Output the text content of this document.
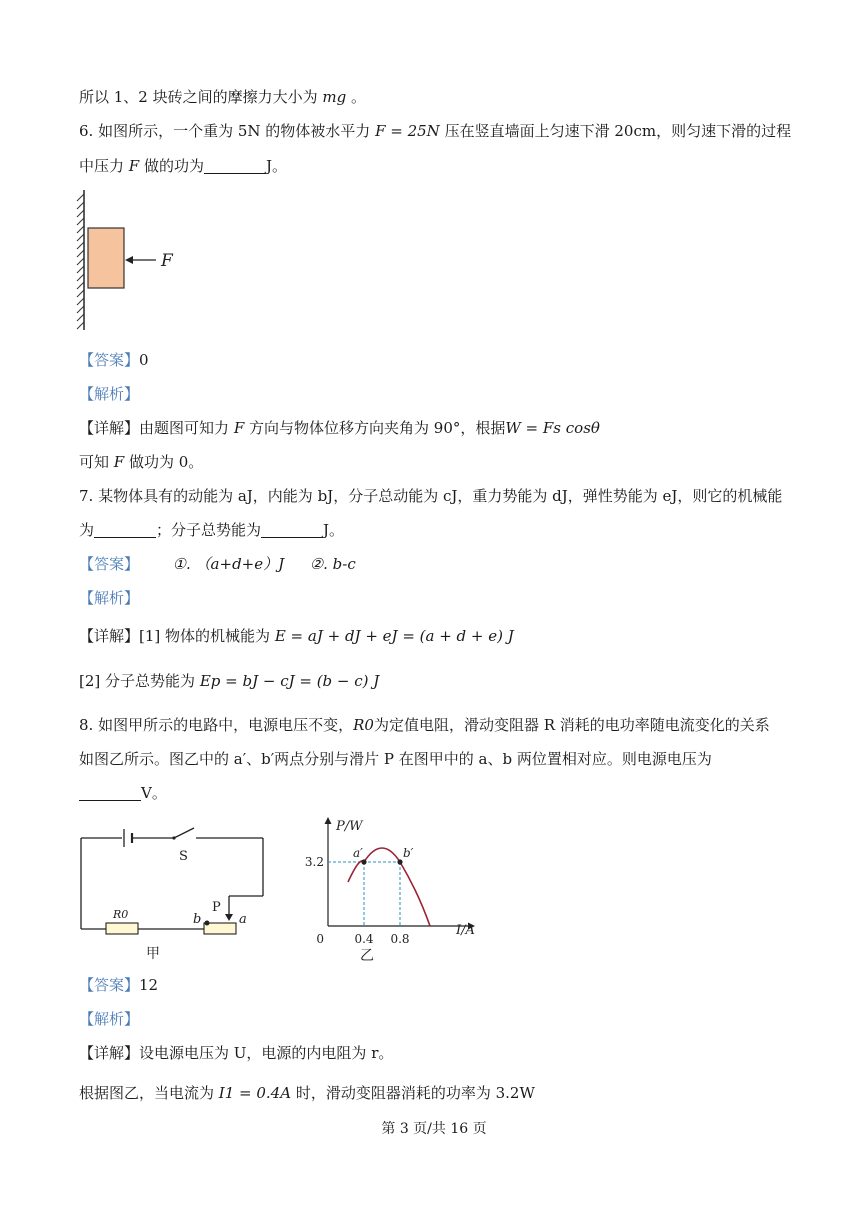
所以 1、2 块砖之间的摩擦力大小为 mg 。
6. 如图所示，一个重为 5N 的物体被水平力 F = 25N 压在竖直墙面上匀速下滑 20cm，则匀速下滑的过程
中压力 F 做的功为	J。
F
【答案】0
【解析】
【详解】由题图可知力 F 方向与物体位移方向夹角为 90°，根据W = Fs cosθ
可知 F 做功为 0。
7. 某物体具有的动能为 aJ，内能为 bJ，分子总动能为 cJ，重力势能为 dJ，弹性势能为 eJ，则它的机械能
为	；分子总势能为	J。
【答案】 ①. （a+d+e）J ②. b-c
【解析】
【详解】[1] 物体的机械能为 E = aJ + dJ + eJ = (a + d + e) J
[2] 分子总势能为 Ep = bJ − cJ = (b − c) J
8. 如图甲所示的电路中，电源电压不变，R0为定值电阻，滑动变阻器 R 消耗的电功率随电流变化的关系
如图乙所示。图乙中的 a′、b′两点分别与滑片 P 在图甲中的 a、b 两位置相对应。则电源电压为
V。
S
R0	P
b	a
甲
a′	b′
P/W
I/A
0	0.4 0.8
3.2
乙
【答案】12
【解析】
【详解】设电源电压为 U，电源的内电阻为 r。
根据图乙，当电流为 I1 = 0.4A 时，滑动变阻器消耗的功率为 3.2W
第 3 页/共 16 页
